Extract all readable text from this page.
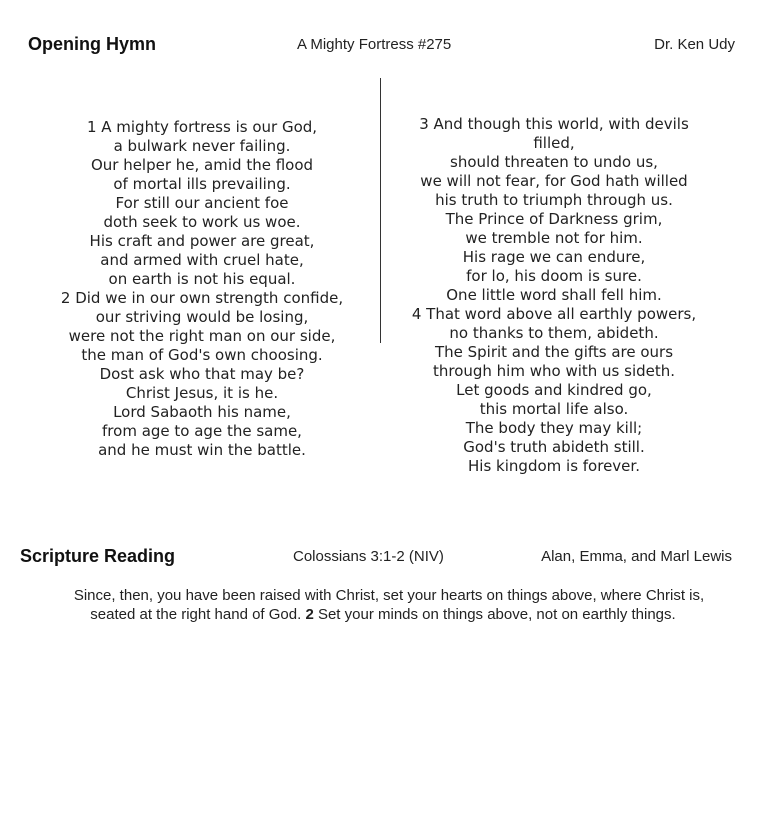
Opening Hymn	A Mighty Fortress #275	Dr. Ken Udy
1 A mighty fortress is our God,
a bulwark never failing.
Our helper he, amid the flood
of mortal ills prevailing.
For still our ancient foe
doth seek to work us woe.
His craft and power are great,
and armed with cruel hate,
on earth is not his equal.
2 Did we in our own strength confide,
our striving would be losing,
were not the right man on our side,
the man of God's own choosing.
Dost ask who that may be?
Christ Jesus, it is he.
Lord Sabaoth his name,
from age to age the same,
and he must win the battle.
3 And though this world, with devils
filled,
should threaten to undo us,
we will not fear, for God hath willed
his truth to triumph through us.
The Prince of Darkness grim,
we tremble not for him.
His rage we can endure,
for lo, his doom is sure.
One little word shall fell him.
4 That word above all earthly powers,
no thanks to them, abideth.
The Spirit and the gifts are ours
through him who with us sideth.
Let goods and kindred go,
this mortal life also.
The body they may kill;
God's truth abideth still.
His kingdom is forever.
Scripture Reading	Colossians 3:1-2 (NIV)	Alan, Emma, and Marl Lewis
Since, then, you have been raised with Christ, set your hearts on things above, where Christ is,
seated at the right hand of God. 2 Set your minds on things above, not on earthly things.
